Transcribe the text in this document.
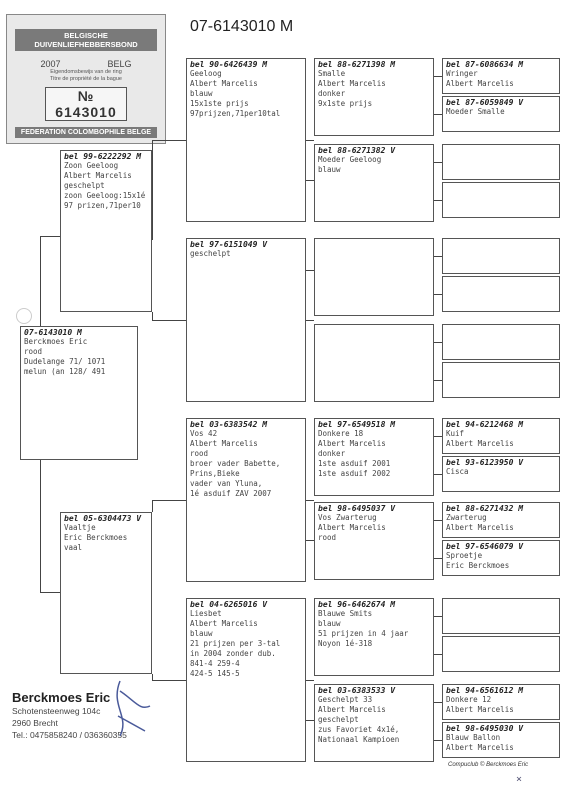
BELGISCHE DUIVENLIEFHEBBERSBOND
2007	BELG
Eigendomsbewijs van de ring
Titre de propriété de la bague
№ 6143010
FEDERATION COLOMBOPHILE BELGE
07-6143010 M
07-6143010 M
Berckmoes Eric
rood
Dudelange 71/ 1071
melun (an 128/ 491
bel 99-6222292 M
Zoon Geeloog
Albert Marcelis
geschelpt
zoon Geeloog:15x1é
97 prizen,71per10
bel 05-6304473 V
Vaaltje
Eric Berckmoes
vaal
bel 90-6426439 M
Geeloog
Albert Marcelis
blauw
15x1ste prijs
97prijzen,71per10tal
bel 97-6151049 V
geschelpt
bel 03-6383542 M
Vos 42
Albert Marcelis
rood
broer vader Babette,
Prins,Bieke
vader van Yluna,
1é asduif ZAV 2007
bel 04-6265016 V
Liesbet
Albert Marcelis
blauw
21 prijzen per 3-tal
in 2004 zonder dub.
841-4 259-4
424-5 145-5
bel 88-6271398 M
Smalle
Albert Marcelis
donker
9x1ste prijs
bel 88-6271382 V
Moeder Geeloog
blauw
bel 97-6549518 M
Donkere 18
Albert Marcelis
donker
1ste asduif 2001
1ste asduif 2002
bel 98-6495037 V
Vos Zwarterug
Albert Marcelis
rood
bel 96-6462674 M
Blauwe Smits
blauw
51 prijzen in 4 jaar
Noyon 1é-318
bel 03-6383533 V
Geschelpt 33
Albert Marcelis
geschelpt
zus Favoriet 4x1é,
Nationaal Kampioen
bel 87-6086634 M
Wringer
Albert Marcelis
bel 87-6059849 V
Moeder Smalle
bel 94-6212468 M
Kuif
Albert Marcelis
bel 93-6123950 V
Cisca
bel 88-6271432 M
Zwarterug
Albert Marcelis
bel 97-6546079 V
Sproetje
Eric Berckmoes
bel 94-6561612 M
Donkere 12
Albert Marcelis
bel 98-6495030 V
Blauw Ballon
Albert Marcelis
Berckmoes Eric
Schotensteenweg 104c
2960 Brecht
Tel.: 0475858240 / 036360355
Compuclub © Berckmoes Eric
×
